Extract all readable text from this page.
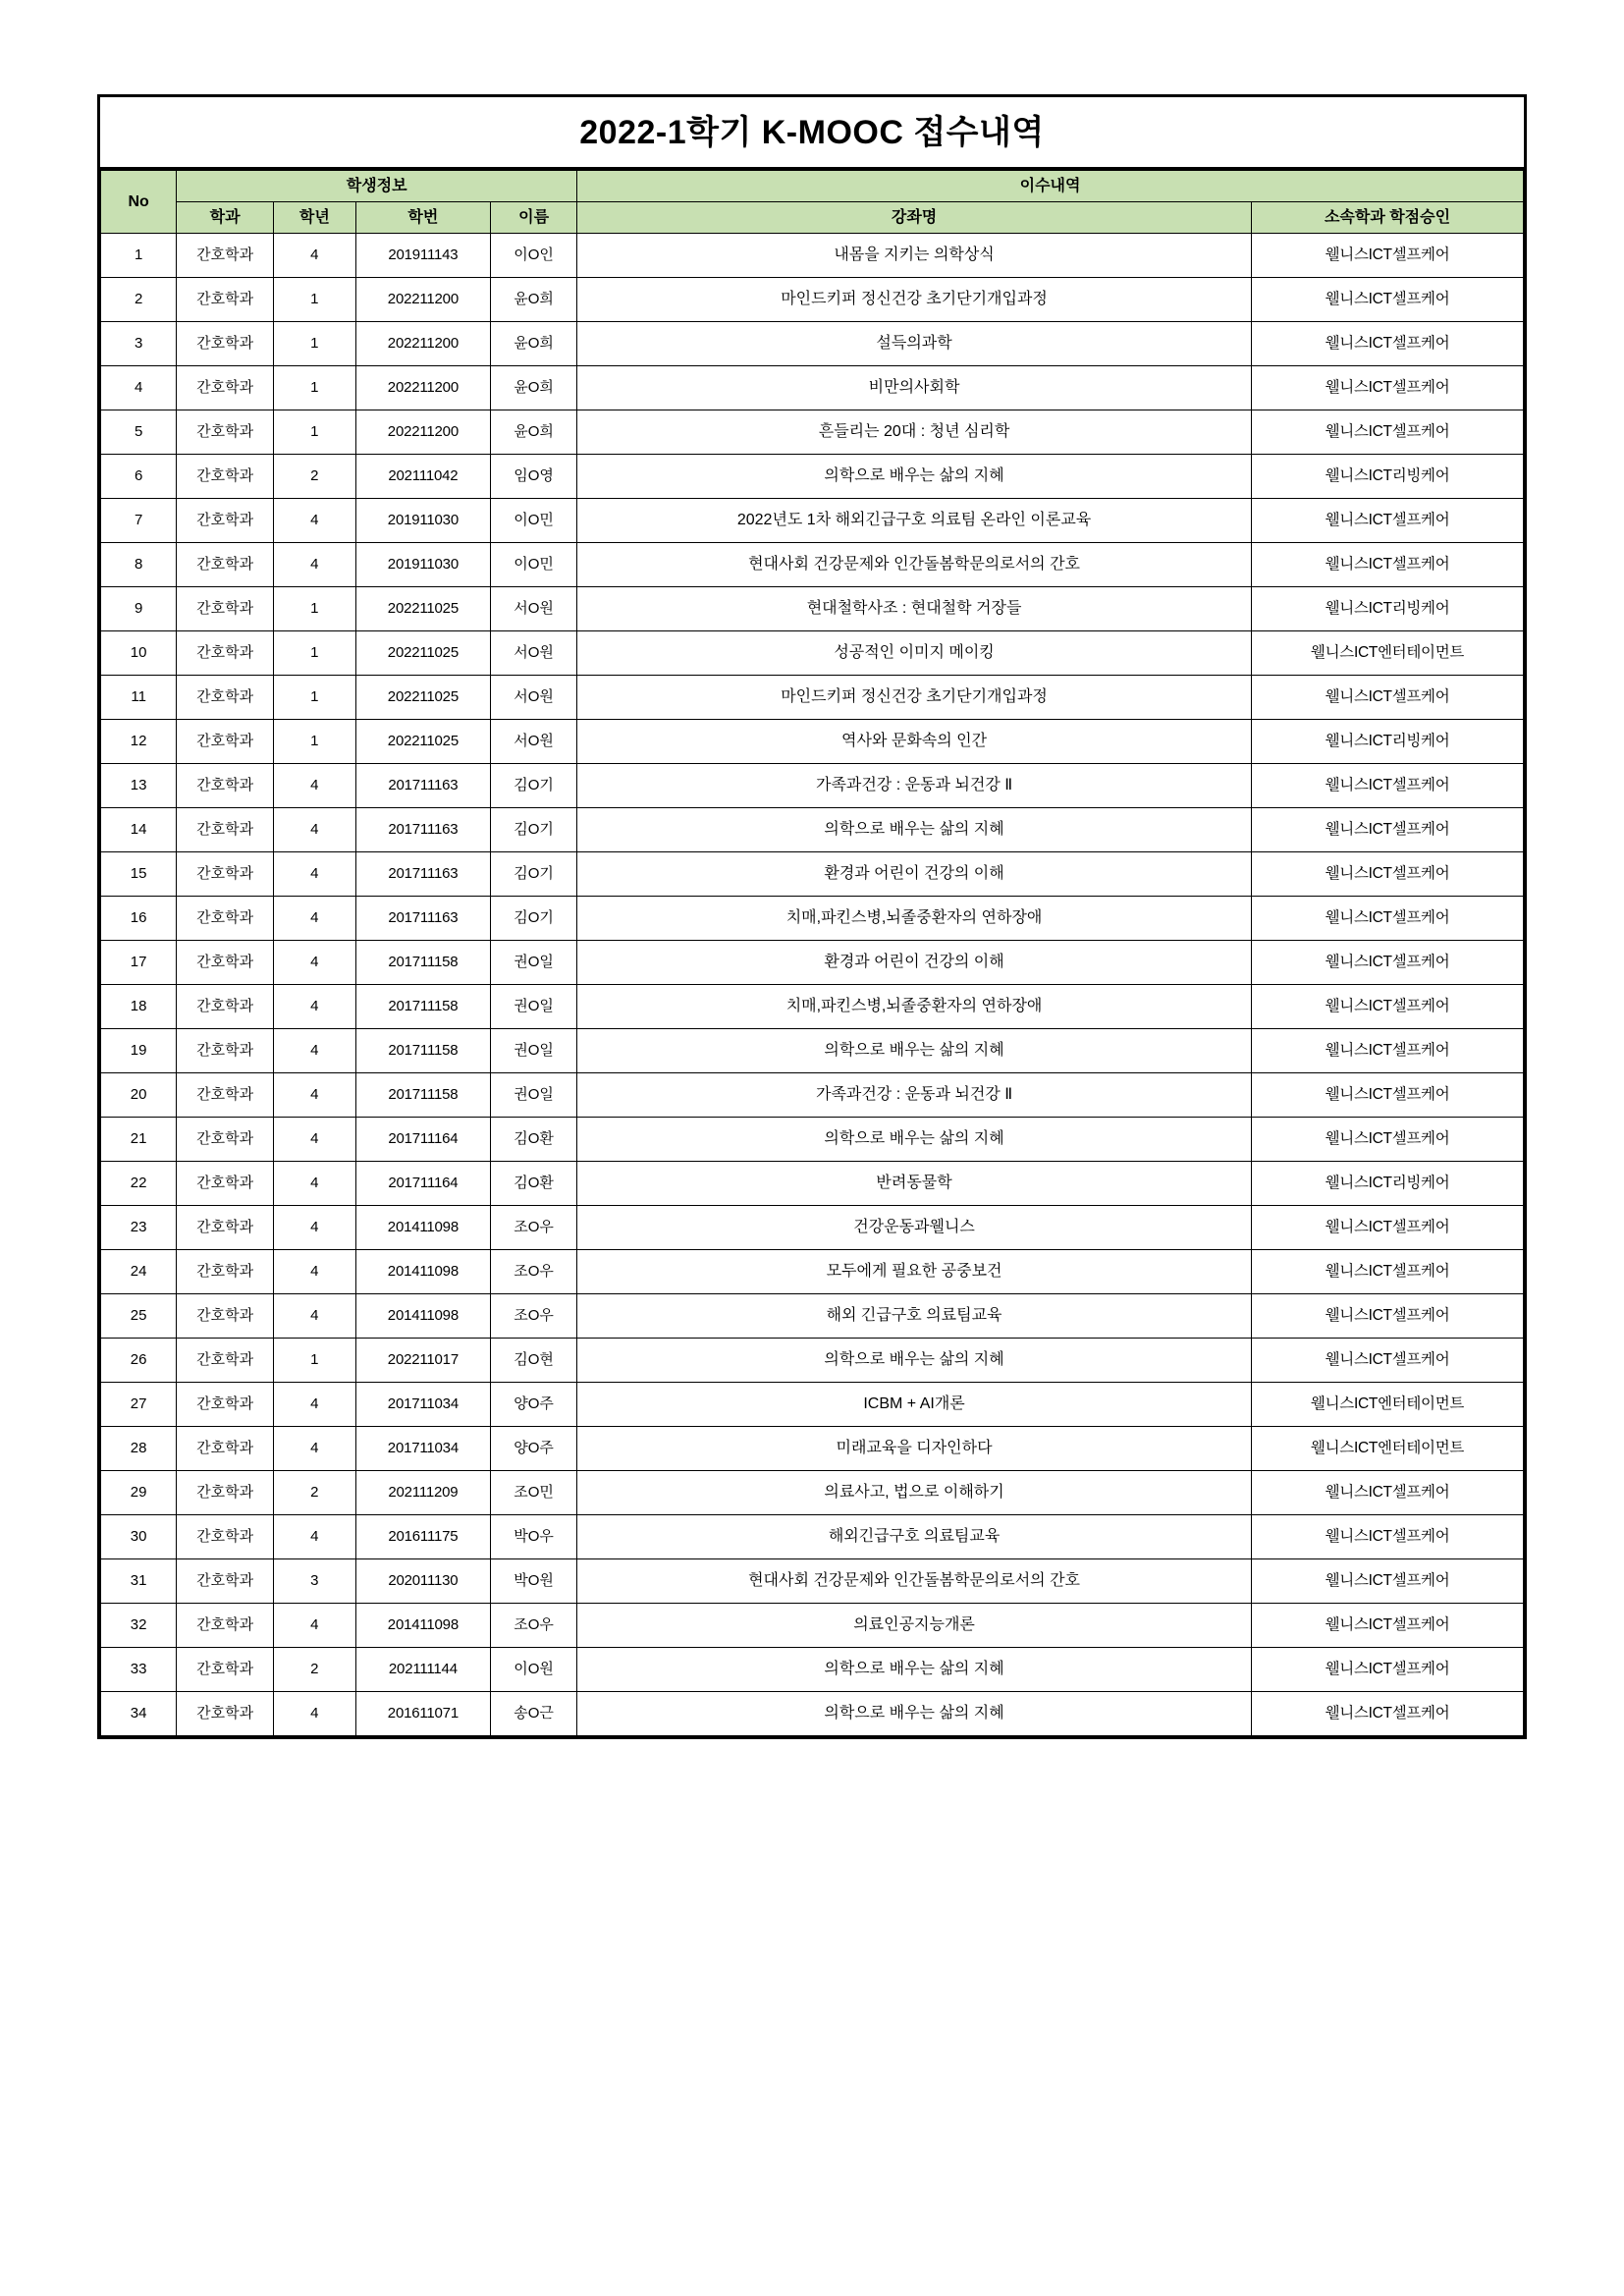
2022-1학기 K-MOOC 접수내역
No	학생정보				이수내역	
	학과	학년	학번	이름	강좌명	소속학과 학점승인
1	간호학과	4	201911143	이O인	내몸을 지키는 의학상식	웰니스ICT셀프케어
2	간호학과	1	202211200	윤O희	마인드키퍼 정신건강 초기단기개입과정	웰니스ICT셀프케어
3	간호학과	1	202211200	윤O희	설득의과학	웰니스ICT셀프케어
4	간호학과	1	202211200	윤O희	비만의사회학	웰니스ICT셀프케어
5	간호학과	1	202211200	윤O희	흔들리는 20대 : 청년 심리학	웰니스ICT셀프케어
6	간호학과	2	202111042	임O영	의학으로 배우는 삶의 지혜	웰니스ICT리빙케어
7	간호학과	4	201911030	이O민	2022년도 1차 해외긴급구호 의료팀 온라인 이론교육	웰니스ICT셀프케어
8	간호학과	4	201911030	이O민	현대사회 건강문제와 인간돌봄학문의로서의 간호	웰니스ICT셀프케어
9	간호학과	1	202211025	서O원	현대철학사조 : 현대철학 거장들	웰니스ICT리빙케어
10	간호학과	1	202211025	서O원	성공적인 이미지 메이킹	웰니스ICT엔터테이먼트
11	간호학과	1	202211025	서O원	마인드키퍼 정신건강 초기단기개입과정	웰니스ICT셀프케어
12	간호학과	1	202211025	서O원	역사와 문화속의 인간	웰니스ICT리빙케어
13	간호학과	4	201711163	김O기	가족과건강 : 운동과 뇌건강 Ⅱ	웰니스ICT셀프케어
14	간호학과	4	201711163	김O기	의학으로 배우는 삶의 지혜	웰니스ICT셀프케어
15	간호학과	4	201711163	김O기	환경과 어린이 건강의 이해	웰니스ICT셀프케어
16	간호학과	4	201711163	김O기	치매,파킨스병,뇌졸중환자의 연하장애	웰니스ICT셀프케어
17	간호학과	4	201711158	권O일	환경과 어린이 건강의 이해	웰니스ICT셀프케어
18	간호학과	4	201711158	권O일	치매,파킨스병,뇌졸중환자의 연하장애	웰니스ICT셀프케어
19	간호학과	4	201711158	권O일	의학으로 배우는 삶의 지혜	웰니스ICT셀프케어
20	간호학과	4	201711158	권O일	가족과건강 : 운동과 뇌건강 Ⅱ	웰니스ICT셀프케어
21	간호학과	4	201711164	김O환	의학으로 배우는 삶의 지혜	웰니스ICT셀프케어
22	간호학과	4	201711164	김O환	반려동물학	웰니스ICT리빙케어
23	간호학과	4	201411098	조O우	건강운동과웰니스	웰니스ICT셀프케어
24	간호학과	4	201411098	조O우	모두에게 필요한 공중보건	웰니스ICT셀프케어
25	간호학과	4	201411098	조O우	해외 긴급구호 의료팀교육	웰니스ICT셀프케어
26	간호학과	1	202211017	김O현	의학으로 배우는 삶의 지혜	웰니스ICT셀프케어
27	간호학과	4	201711034	양O주	ICBM + AI개론	웰니스ICT엔터테이먼트
28	간호학과	4	201711034	양O주	미래교육을 디자인하다	웰니스ICT엔터테이먼트
29	간호학과	2	202111209	조O민	의료사고, 법으로 이해하기	웰니스ICT셀프케어
30	간호학과	4	201611175	박O우	해외긴급구호 의료팀교육	웰니스ICT셀프케어
31	간호학과	3	202011130	박O원	현대사회 건강문제와 인간돌봄학문의로서의 간호	웰니스ICT셀프케어
32	간호학과	4	201411098	조O우	의료인공지능개론	웰니스ICT셀프케어
33	간호학과	2	202111144	이O원	의학으로 배우는 삶의 지혜	웰니스ICT셀프케어
34	간호학과	4	201611071	송O근	의학으로 배우는 삶의 지혜	웰니스ICT셀프케어
